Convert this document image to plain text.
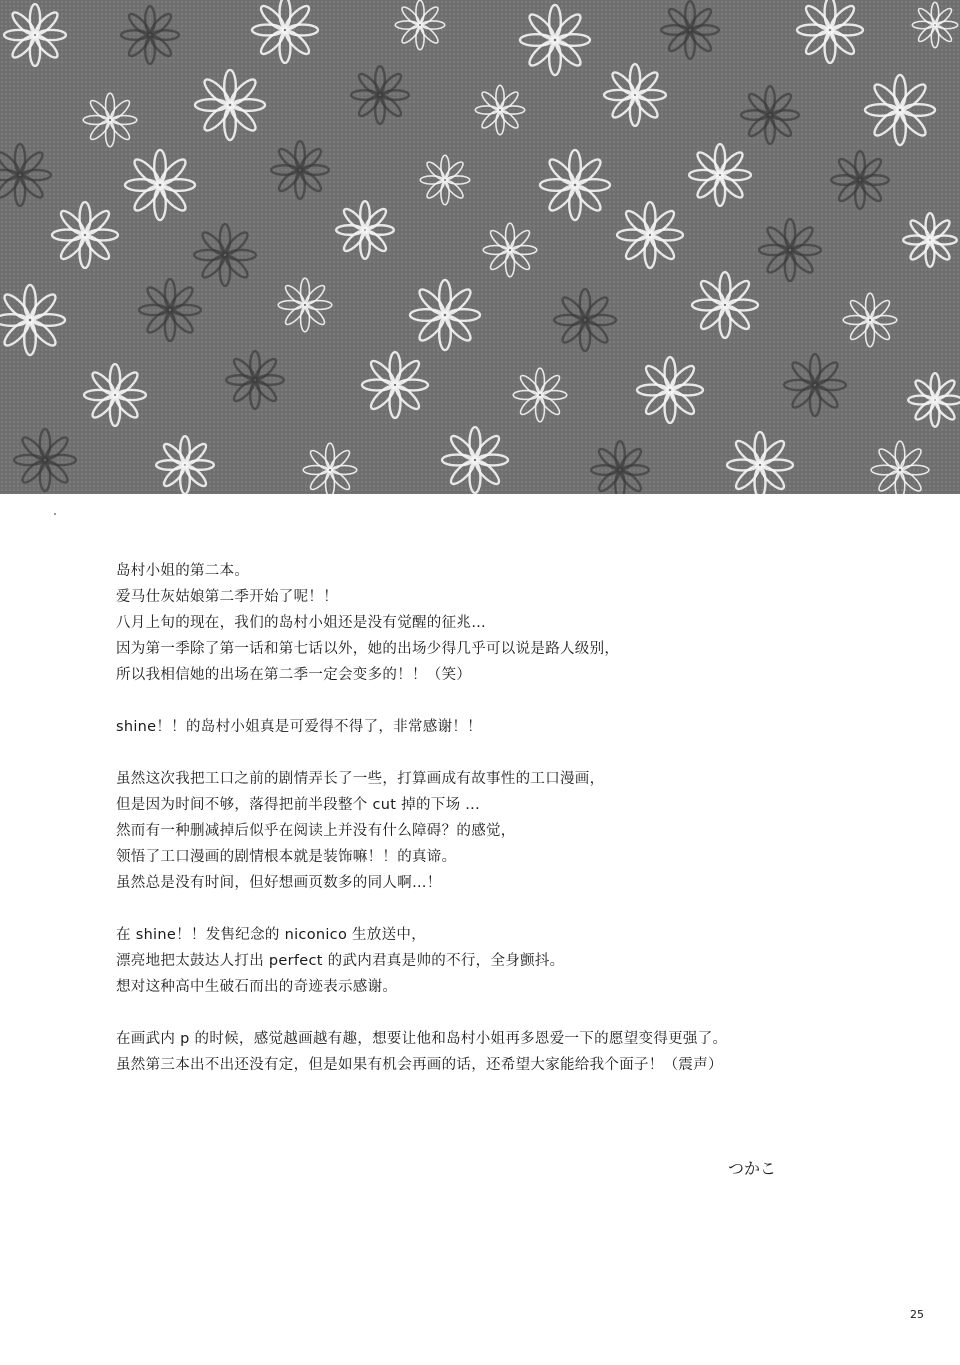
岛村小姐的第二本。
爱马仕灰姑娘第二季开始了呢！！
八月上旬的现在，我们的岛村小姐还是没有觉醒的征兆…
因为第一季除了第一话和第七话以外，她的出场少得几乎可以说是路人级别，
所以我相信她的出场在第二季一定会变多的！！（笑）
shine！！的岛村小姐真是可爱得不得了，非常感谢！！
虽然这次我把工口之前的剧情弄长了一些，打算画成有故事性的工口漫画，
但是因为时间不够，落得把前半段整个 cut 掉的下场 ...
然而有一种删减掉后似乎在阅读上并没有什么障碍？的感觉，
领悟了工口漫画的剧情根本就是装饰嘛！！的真谛。
虽然总是没有时间，但好想画页数多的同人啊…！
在 shine！！发售纪念的 niconico 生放送中，
漂亮地把太鼓达人打出 perfect 的武内君真是帅的不行，全身颤抖。
想对这种高中生破石而出的奇迹表示感谢。
在画武内 p 的时候，感觉越画越有趣，想要让他和岛村小姐再多恩爱一下的愿望变得更强了。
虽然第三本出不出还没有定，但是如果有机会再画的话，还希望大家能给我个面子！（震声）
つかこ
25
